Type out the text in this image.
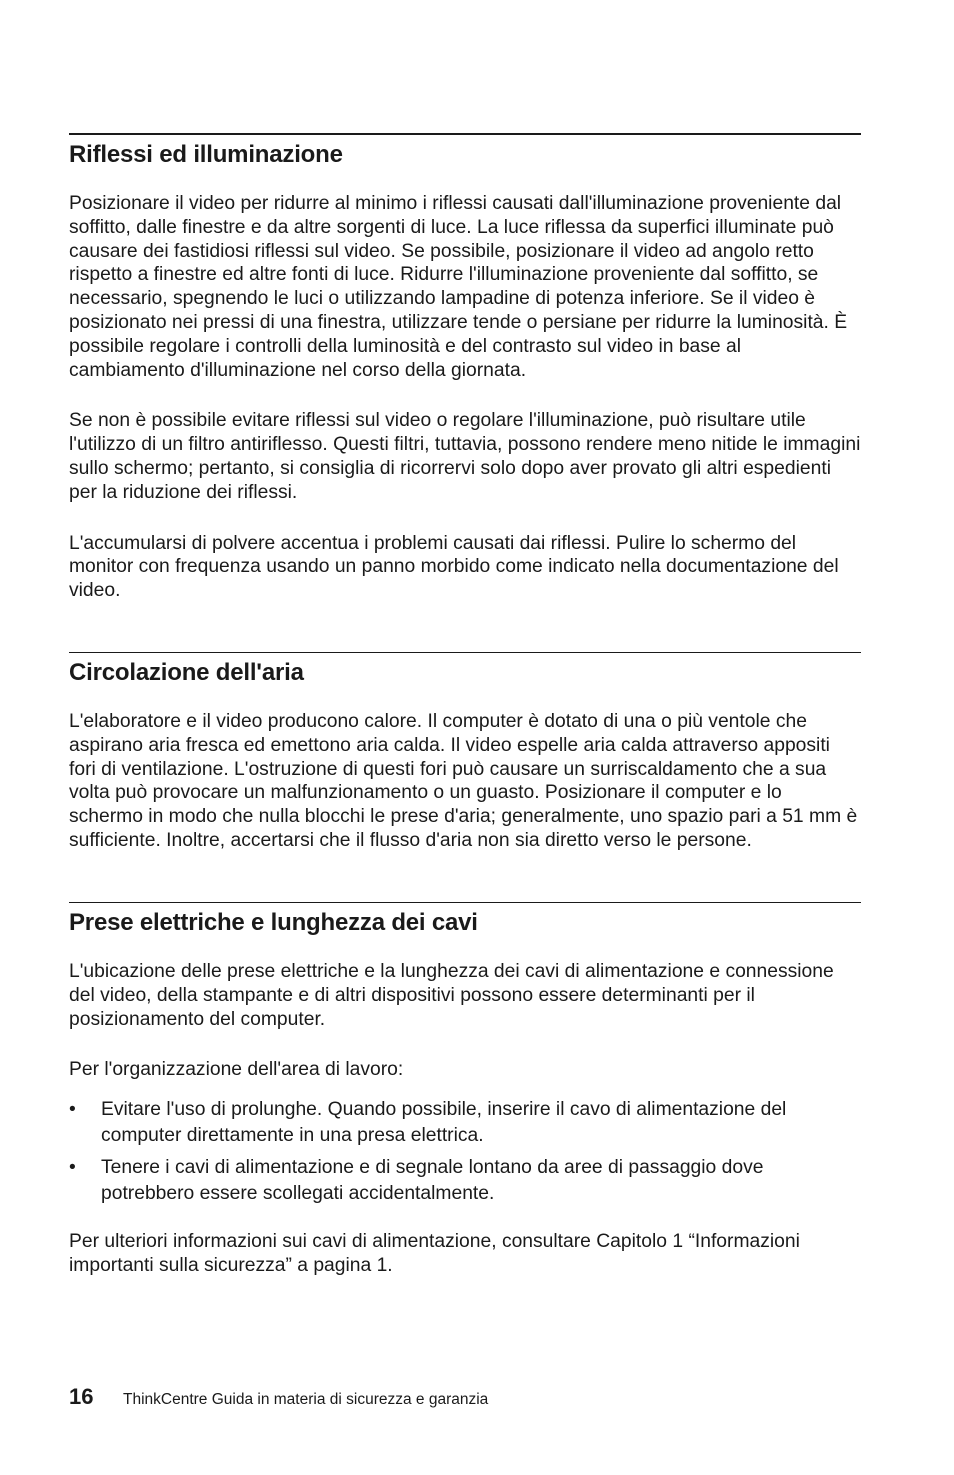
Riflessi ed illuminazione

Posizionare il video per ridurre al minimo i riflessi causati dall'illuminazione proveniente dal soffitto, dalle finestre e da altre sorgenti di luce. La luce riflessa da superfici illuminate può causare dei fastidiosi riflessi sul video. Se possibile, posizionare il video ad angolo retto rispetto a finestre ed altre fonti di luce. Ridurre l'illuminazione proveniente dal soffitto, se necessario, spegnendo le luci o utilizzando lampadine di potenza inferiore. Se il video è posizionato nei pressi di una finestra, utilizzare tende o persiane per ridurre la luminosità. È possibile regolare i controlli della luminosità e del contrasto sul video in base al cambiamento d'illuminazione nel corso della giornata.

Se non è possibile evitare riflessi sul video o regolare l'illuminazione, può risultare utile l'utilizzo di un filtro antiriflesso. Questi filtri, tuttavia, possono rendere meno nitide le immagini sullo schermo; pertanto, si consiglia di ricorrervi solo dopo aver provato gli altri espedienti per la riduzione dei riflessi.

L'accumularsi di polvere accentua i problemi causati dai riflessi. Pulire lo schermo del monitor con frequenza usando un panno morbido come indicato nella documentazione del video.

Circolazione dell'aria

L'elaboratore e il video producono calore. Il computer è dotato di una o più ventole che aspirano aria fresca ed emettono aria calda. Il video espelle aria calda attraverso appositi fori di ventilazione. L'ostruzione di questi fori può causare un surriscaldamento che a sua volta può provocare un malfunzionamento o un guasto. Posizionare il computer e lo schermo in modo che nulla blocchi le prese d'aria; generalmente, uno spazio pari a 51 mm è sufficiente. Inoltre, accertarsi che il flusso d'aria non sia diretto verso le persone.

Prese elettriche e lunghezza dei cavi

L'ubicazione delle prese elettriche e la lunghezza dei cavi di alimentazione e connessione del video, della stampante e di altri dispositivi possono essere determinanti per il posizionamento del computer.

Per l'organizzazione dell'area di lavoro:

• Evitare l'uso di prolunghe. Quando possibile, inserire il cavo di alimentazione del computer direttamente in una presa elettrica.
• Tenere i cavi di alimentazione e di segnale lontano da aree di passaggio dove potrebbero essere scollegati accidentalmente.

Per ulteriori informazioni sui cavi di alimentazione, consultare Capitolo 1 “Informazioni importanti sulla sicurezza” a pagina 1.

16	ThinkCentre Guida in materia di sicurezza e garanzia
